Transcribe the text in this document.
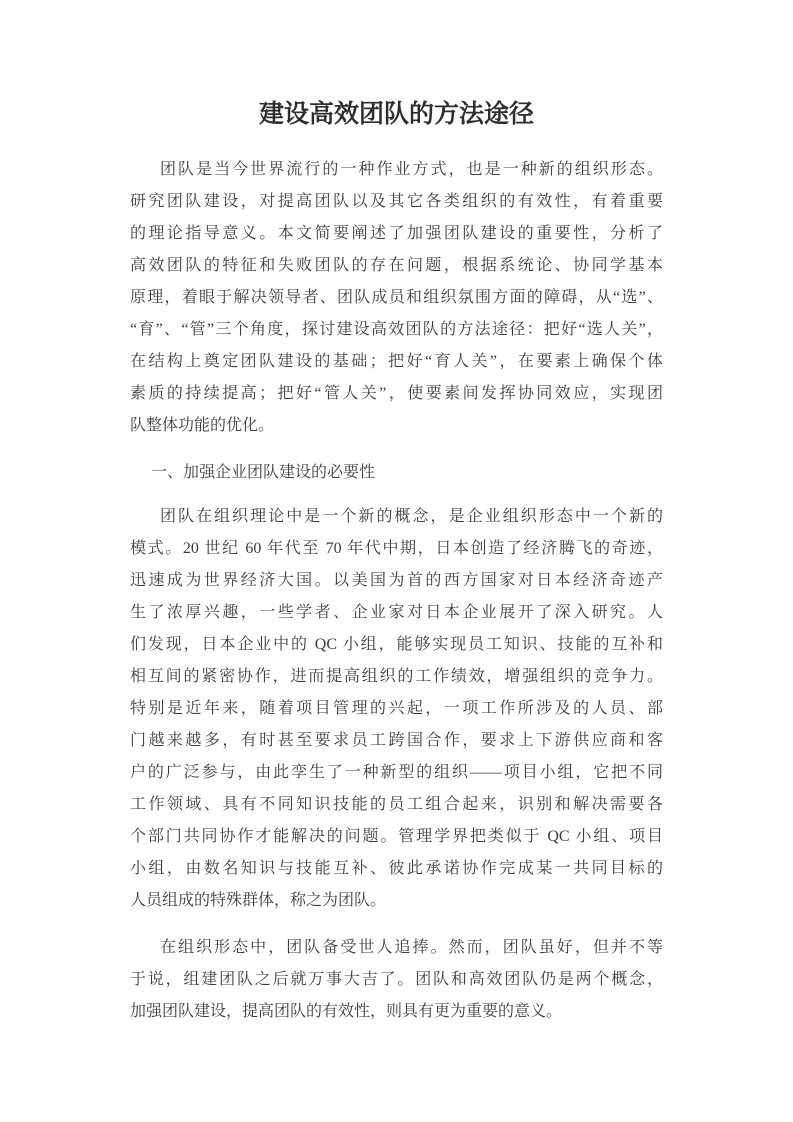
建设高效团队的方法途径
团队是当今世界流行的一种作业方式，也是一种新的组织形态。
研究团队建设，对提高团队以及其它各类组织的有效性，有着重要
的理论指导意义。本文简要阐述了加强团队建设的重要性，分析了
高效团队的特征和失败团队的存在问题，根据系统论、协同学基本
原理，着眼于解决领导者、团队成员和组织氛围方面的障碍，从“选”、
“育”、“管”三个角度，探讨建设高效团队的方法途径：把好“选人关”，
在结构上奠定团队建设的基础；把好“育人关”，在要素上确保个体
素质的持续提高；把好“管人关”，使要素间发挥协同效应，实现团
队整体功能的优化。
一、加强企业团队建设的必要性
团队在组织理论中是一个新的概念，是企业组织形态中一个新的
模式。20 世纪 60 年代至 70 年代中期，日本创造了经济腾飞的奇迹，
迅速成为世界经济大国。以美国为首的西方国家对日本经济奇迹产
生了浓厚兴趣，一些学者、企业家对日本企业展开了深入研究。人
们发现，日本企业中的 QC 小组，能够实现员工知识、技能的互补和
相互间的紧密协作，进而提高组织的工作绩效，增强组织的竞争力。
特别是近年来，随着项目管理的兴起，一项工作所涉及的人员、部
门越来越多，有时甚至要求员工跨国合作，要求上下游供应商和客
户的广泛参与，由此孪生了一种新型的组织——项目小组，它把不同
工作领域、具有不同知识技能的员工组合起来，识别和解决需要各
个部门共同协作才能解决的问题。管理学界把类似于 QC 小组、项目
小组，由数名知识与技能互补、彼此承诺协作完成某一共同目标的
人员组成的特殊群体，称之为团队。
在组织形态中，团队备受世人追捧。然而，团队虽好，但并不等
于说，组建团队之后就万事大吉了。团队和高效团队仍是两个概念，
加强团队建设，提高团队的有效性，则具有更为重要的意义。
